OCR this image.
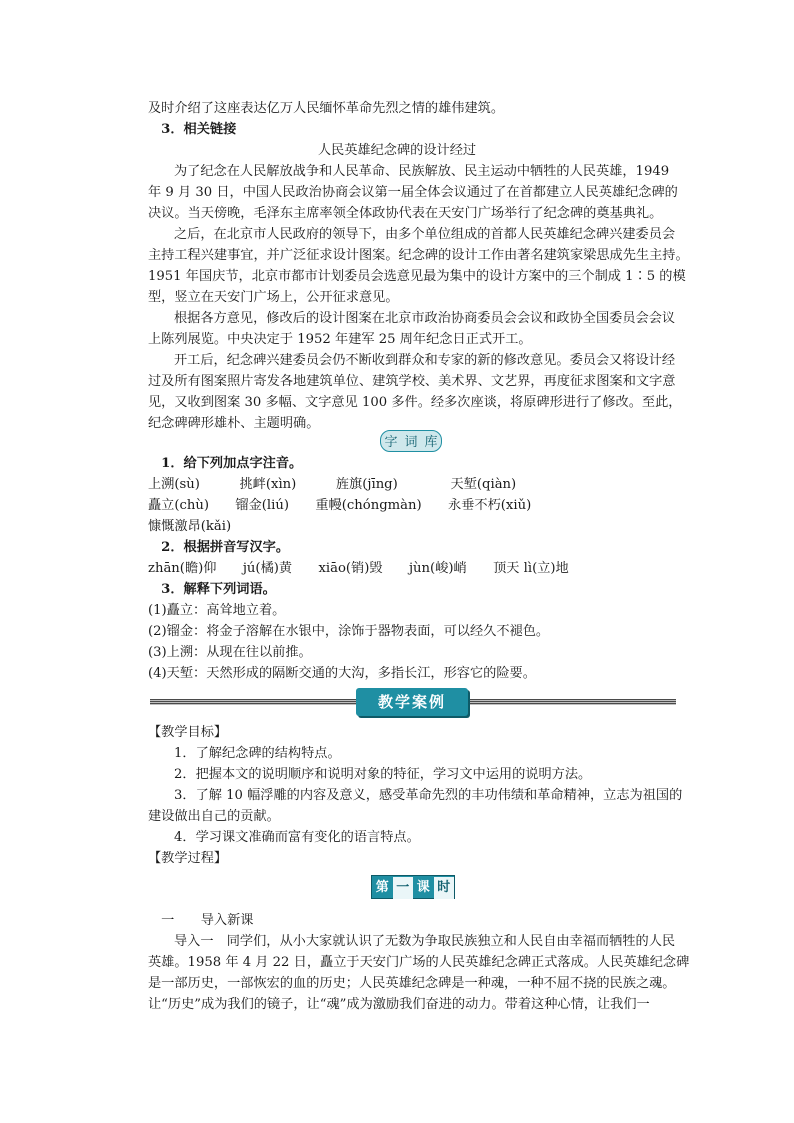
及时介绍了这座表达亿万人民缅怀革命先烈之情的雄伟建筑。
　3．相关链接
人民英雄纪念碑的设计经过
为了纪念在人民解放战争和人民革命、民族解放、民主运动中牺牲的人民英雄，1949
年 9 月 30 日，中国人民政治协商会议第一届全体会议通过了在首都建立人民英雄纪念碑的
决议。当天傍晚，毛泽东主席率领全体政协代表在天安门广场举行了纪念碑的奠基典礼。
之后，在北京市人民政府的领导下，由多个单位组成的首都人民英雄纪念碑兴建委员会
主持工程兴建事宜，并广泛征求设计图案。纪念碑的设计工作由著名建筑家梁思成先生主持。
1951 年国庆节，北京市都市计划委员会选意见最为集中的设计方案中的三个制成 1∶5 的模
型，竖立在天安门广场上，公开征求意见。
根据各方意见，修改后的设计图案在北京市政治协商委员会会议和政协全国委员会会议
上陈列展览。中央决定于 1952 年建军 25 周年纪念日正式开工。
开工后，纪念碑兴建委员会仍不断收到群众和专家的新的修改意见。委员会又将设计经
过及所有图案照片寄发各地建筑单位、建筑学校、美术界、文艺界，再度征求图案和文字意
见，又收到图案 30 多幅、文字意见 100 多件。经多次座谈，将原碑形进行了修改。至此，
纪念碑碑形雄朴、主题明确。
　1．给下列加点字注音。
上溯(sù)　　　挑衅(xìn)　　　旌旗(jīng)　　　　天堑(qiàn)
矗立(chù)　　镏金(liú)　　重幔(chóngmàn)　　永垂不朽(xiǔ)
慷慨激昂(kǎi)
　2．根据拼音写汉字。
zhān(瞻)仰　　jú(橘)黄　　xiāo(销)毁　　jùn(峻)峭　　顶天 lì(立)地
　3．解释下列词语。
(1)矗立：高耸地立着。
(2)镏金：将金子溶解在水银中，涂饰于器物表面，可以经久不褪色。
(3)上溯：从现在往以前推。
(4)天堑：天然形成的隔断交通的大沟，多指长江，形容它的险要。
【教学目标】
1．了解纪念碑的结构特点。
2．把握本文的说明顺序和说明对象的特征，学习文中运用的说明方法。
3．了解 10 幅浮雕的内容及意义，感受革命先烈的丰功伟绩和革命精神，立志为祖国的
建设做出自己的贡献。
4．学习课文准确而富有变化的语言特点。
【教学过程】
　一　　导入新课
导入一　同学们，从小大家就认识了无数为争取民族独立和人民自由幸福而牺牲的人民
英雄。1958 年 4 月 22 日，矗立于天安门广场的人民英雄纪念碑正式落成。人民英雄纪念碑
是一部历史，一部恢宏的血的历史；人民英雄纪念碑是一种魂，一种不屈不挠的民族之魂。
让“历史”成为我们的镜子，让“魂”成为激励我们奋进的动力。带着这种心情，让我们一
字 词 库
教学案例
第 一 课 时
